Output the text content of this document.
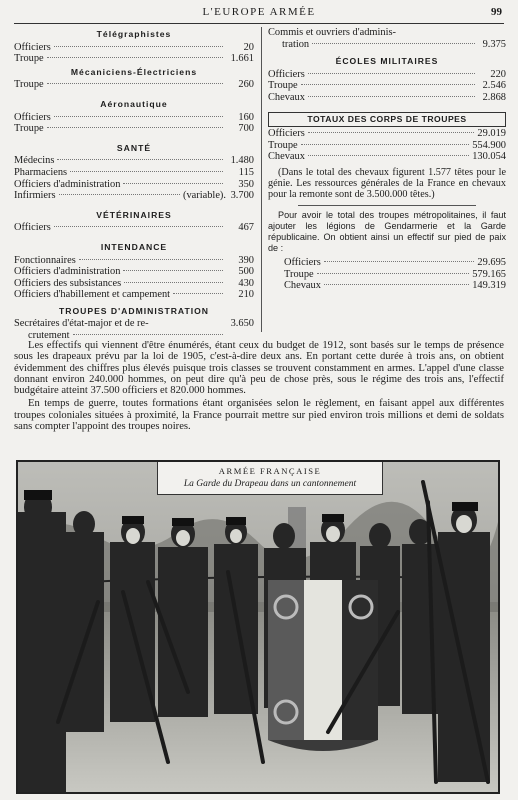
L'EUROPE ARMÉE	99
Télégraphistes
Officiers	20
Troupe	1.661
Mécaniciens-Électriciens
Troupe	260
Aéronautique
Officiers	160
Troupe	700
SANTÉ
Médecins	1.480
Pharmaciens	115
Officiers d'administration	350
Infirmiers	(variable). 3.700
VÉTÉRINAIRES
Officiers	467
INTENDANCE
Fonctionnaires	390
Officiers d'administration	500
Officiers des subsistances	430
Officiers d'habillement et campement	210
TROUPES D'ADMINISTRATION
Secrétaires d'état-major et de re-	3.650
crutement
Commis et ouvriers d'adminis-
tration	9.375
ÉCOLES MILITAIRES
Officiers	220
Troupe	2.546
Chevaux	2.868
TOTAUX DES CORPS DE TROUPES
Officiers	29.019
Troupe	554.900
Chevaux	130.054
(Dans le total des chevaux figurent 1.577 têtes pour le génie. Les ressources générales de la France en chevaux pour la remonte sont de 3.500.000 têtes.)
Pour avoir le total des troupes métropolitaines, il faut ajouter les légions de Gendarmerie et la Garde républicaine. On obtient ainsi un effectif sur pied de paix de :
Officiers	29.695
Troupe	579.165
Chevaux	149.319

Les effectifs qui viennent d'être énumérés, étant ceux du budget de 1912, sont basés sur le temps de présence sous les drapeaux prévu par la loi de 1905, c'est-à-dire deux ans. En portant cette durée à trois ans, on obtient évidemment des chiffres plus élevés puisque trois classes se trouvent constamment en armes. L'appel d'une classe donnant environ 240.000 hommes, on peut dire qu'à peu de chose près, sous le régime des trois ans, l'effectif budgétaire atteint 37.500 officiers et 820.000 hommes.

En temps de guerre, toutes formations étant organisées selon le règlement, en faisant appel aux différentes troupes coloniales situées à proximité, la France pourrait mettre sur pied environ trois millions et demi de soldats sans compter l'appoint des troupes noires.

ARMÉE FRANÇAISE
La Garde du Drapeau dans un cantonnement
